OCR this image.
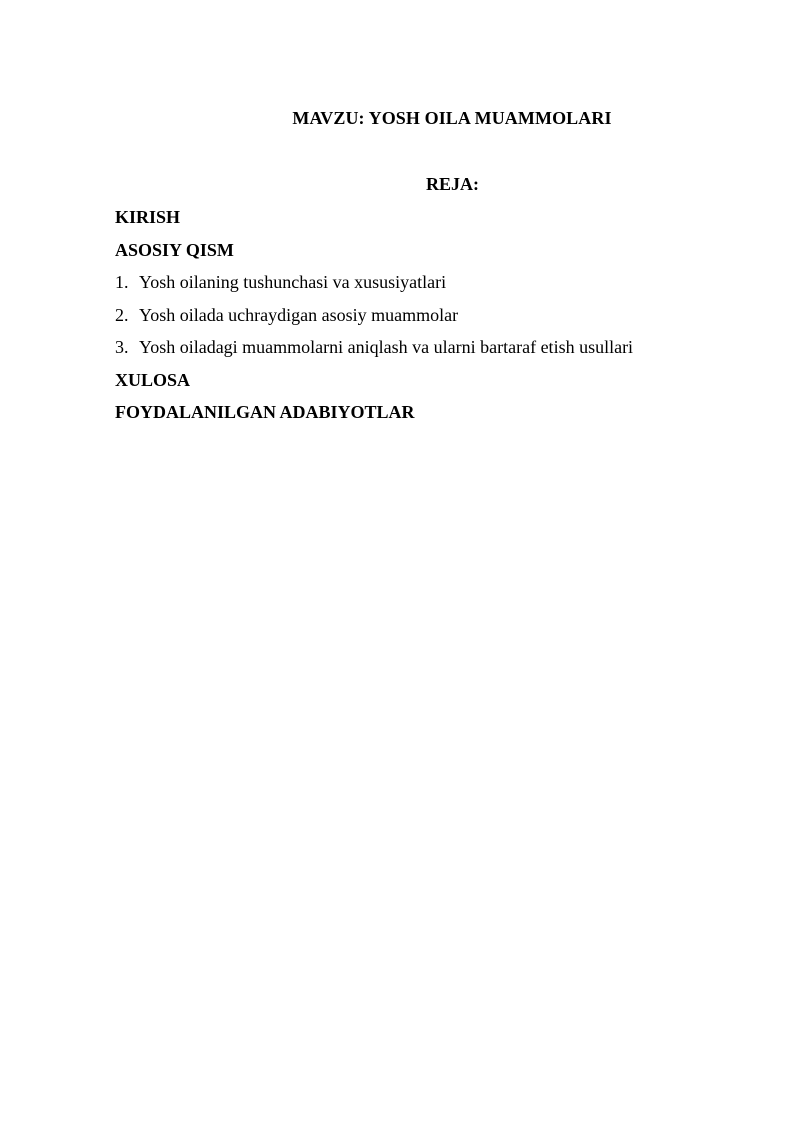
MAVZU: YOSH OILA MUAMMOLARI
REJA:
KIRISH
ASOSIY QISM
1. Yosh oilaning tushunchasi va xususiyatlari
2. Yosh oilada uchraydigan asosiy muammolar
3. Yosh oiladagi muammolarni aniqlash va ularni bartaraf etish usullari
XULOSA
FOYDALANILGAN ADABIYOTLAR
